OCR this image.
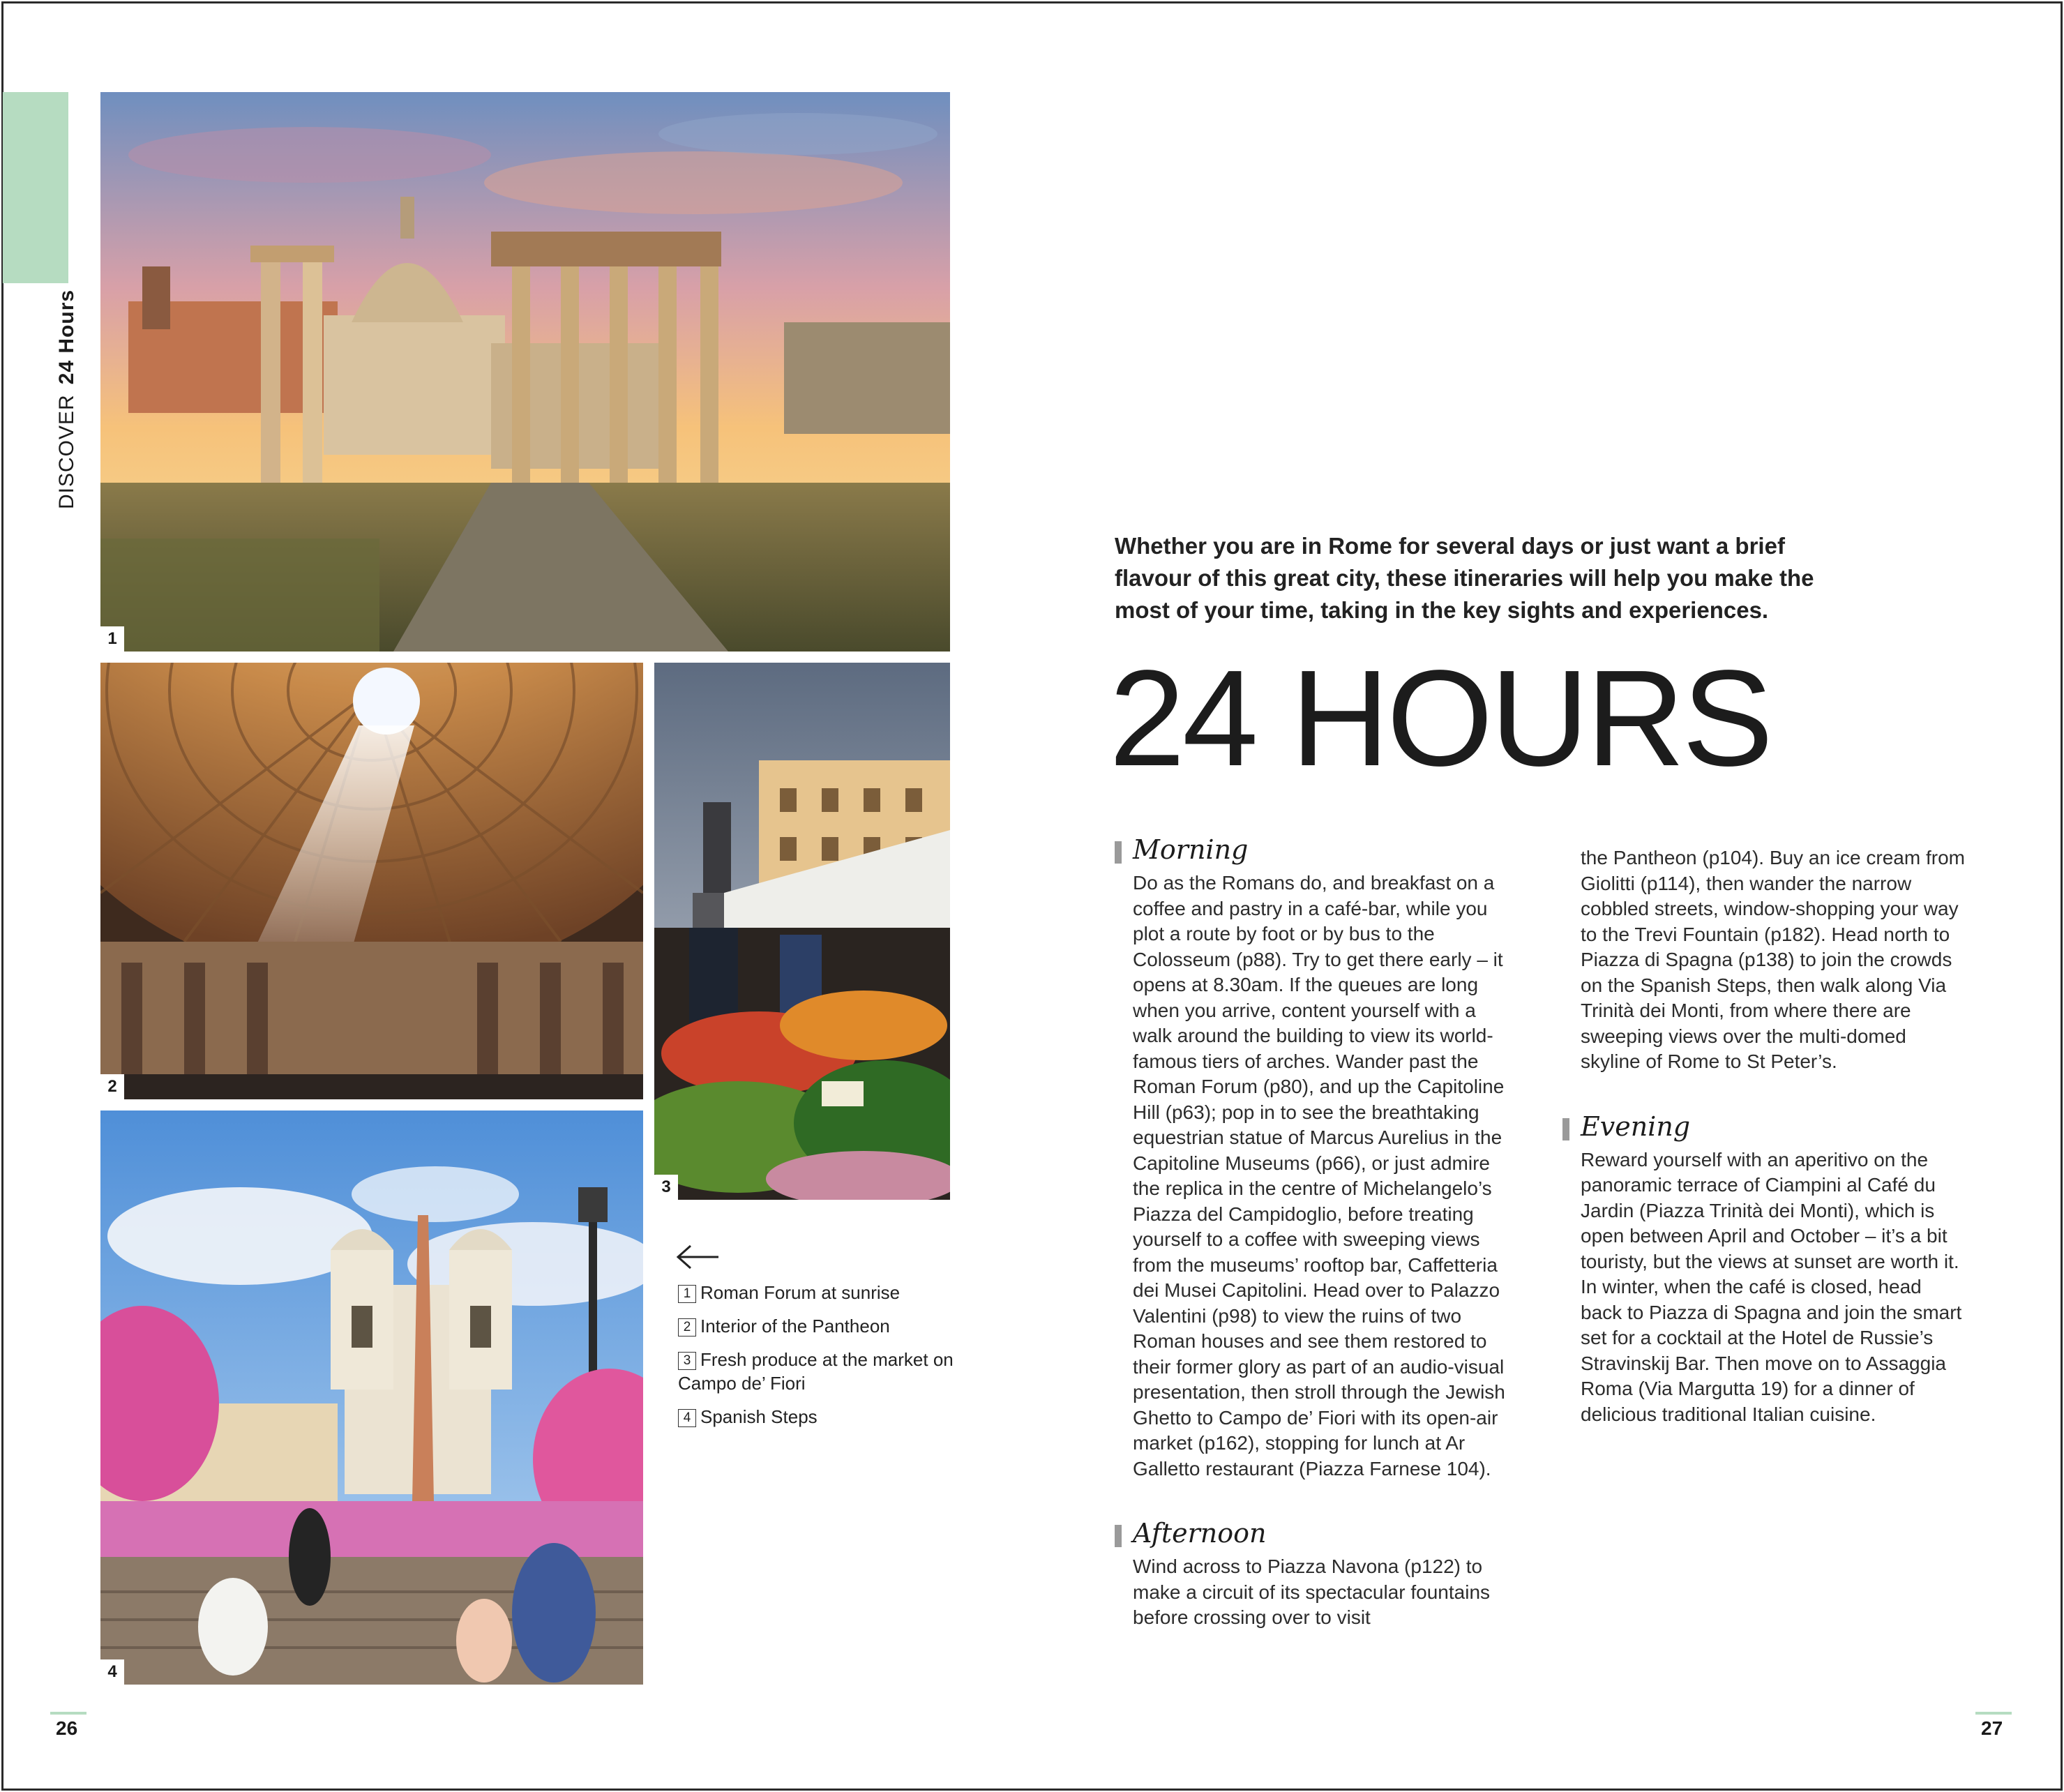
DISCOVER
24 Hours
1
2
3
4
1 Roman Forum at sunrise
2 Interior of the Pantheon
3 Fresh produce at the market on Campo de’ Fiori
4 Spanish Steps
Whether you are in Rome for several days or just want a brief flavour of this great city, these itineraries will help you make the most of your time, taking in the key sights and experiences.
24 HOURS
Morning
Do as the Romans do, and breakfast on a coffee and pastry in a café-bar, while you plot a route by foot or by bus to the Colosseum (p88). Try to get there early – it opens at 8.30am. If the queues are long when you arrive, content yourself with a walk around the building to view its world-famous tiers of arches. Wander past the Roman Forum (p80), and up the Capitoline Hill (p63); pop in to see the breathtaking equestrian statue of Marcus Aurelius in the Capitoline Museums (p66), or just admire the replica in the centre of Michelangelo’s Piazza del Campidoglio, before treating yourself to a coffee with sweeping views from the museums’ rooftop bar, Caffetteria dei Musei Capitolini. Head over to Palazzo Valentini (p98) to view the ruins of two Roman houses and see them restored to their former glory as part of an audio-visual presentation, then stroll through the Jewish Ghetto to Campo de’ Fiori with its open-air market (p162), stopping for lunch at Ar Galletto restaurant (Piazza Farnese 104).
Afternoon
Wind across to Piazza Navona (p122) to make a circuit of its spectacular fountains before crossing over to visit
the Pantheon (p104). Buy an ice cream from Giolitti (p114), then wander the narrow cobbled streets, window-shopping your way to the Trevi Fountain (p182). Head north to Piazza di Spagna (p138) to join the crowds on the Spanish Steps, then walk along Via Trinità dei Monti, from where there are sweeping views over the multi-domed skyline of Rome to St Peter’s.
Evening
Reward yourself with an aperitivo on the panoramic terrace of Ciampini al Café du Jardin (Piazza Trinità dei Monti), which is open between April and October – it’s a bit touristy, but the views at sunset are worth it. In winter, when the café is closed, head back to Piazza di Spagna and join the smart set for a cocktail at the Hotel de Russie’s Stravinskij Bar. Then move on to Assaggia Roma (Via Margutta 19) for a dinner of delicious traditional Italian cuisine.
26	27
